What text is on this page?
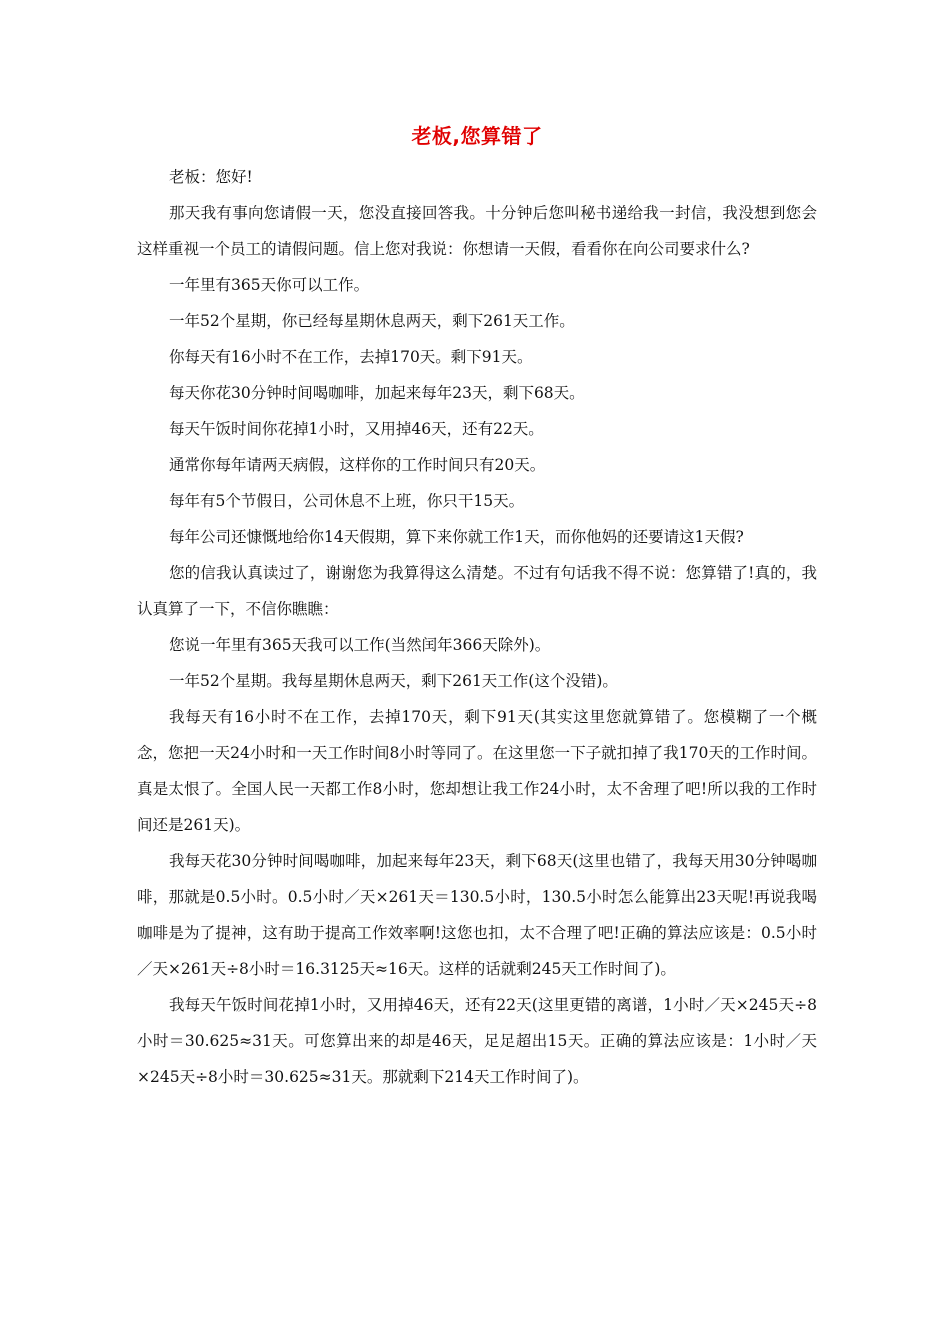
老板,您算错了

老板：您好!

那天我有事向您请假一天，您没直接回答我。十分钟后您叫秘书递给我一封信，我没想到您会这样重视一个员工的请假问题。信上您对我说：你想请一天假，看看你在向公司要求什么?

一年里有365天你可以工作。

一年52个星期，你已经每星期休息两天，剩下261天工作。

你每天有16小时不在工作，去掉170天。剩下91天。

每天你花30分钟时间喝咖啡，加起来每年23天，剩下68天。

每天午饭时间你花掉1小时，又用掉46天，还有22天。

通常你每年请两天病假，这样你的工作时间只有20天。

每年有5个节假日，公司休息不上班，你只干15天。

每年公司还慷慨地给你14天假期，算下来你就工作1天，而你他妈的还要请这1天假?

您的信我认真读过了，谢谢您为我算得这么清楚。不过有句话我不得不说：您算错了!真的，我认真算了一下，不信你瞧瞧：

您说一年里有365天我可以工作(当然闰年366天除外)。

一年52个星期。我每星期休息两天，剩下261天工作(这个没错)。

我每天有16小时不在工作，去掉170天，剩下91天(其实这里您就算错了。您模糊了一个概念，您把一天24小时和一天工作时间8小时等同了。在这里您一下子就扣掉了我170天的工作时间。真是太恨了。全国人民一天都工作8小时，您却想让我工作24小时，太不舍理了吧!所以我的工作时间还是261天)。

我每天花30分钟时间喝咖啡，加起来每年23天，剩下68天(这里也错了，我每天用30分钟喝咖啡，那就是0.5小时。0.5小时／天×261天＝130.5小时，130.5小时怎么能算出23天呢!再说我喝咖啡是为了提神，这有助于提高工作效率啊!这您也扣，太不合理了吧!正确的算法应该是：0.5小时／天×261天÷8小时＝16.3125天≈16天。这样的话就剩245天工作时间了)。

我每天午饭时间花掉1小时，又用掉46天，还有22天(这里更错的离谱，1小时／天×245天÷8小时＝30.625≈31天。可您算出来的却是46天，足足超出15天。正确的算法应该是：1小时／天×245天÷8小时＝30.625≈31天。那就剩下214天工作时间了)。
